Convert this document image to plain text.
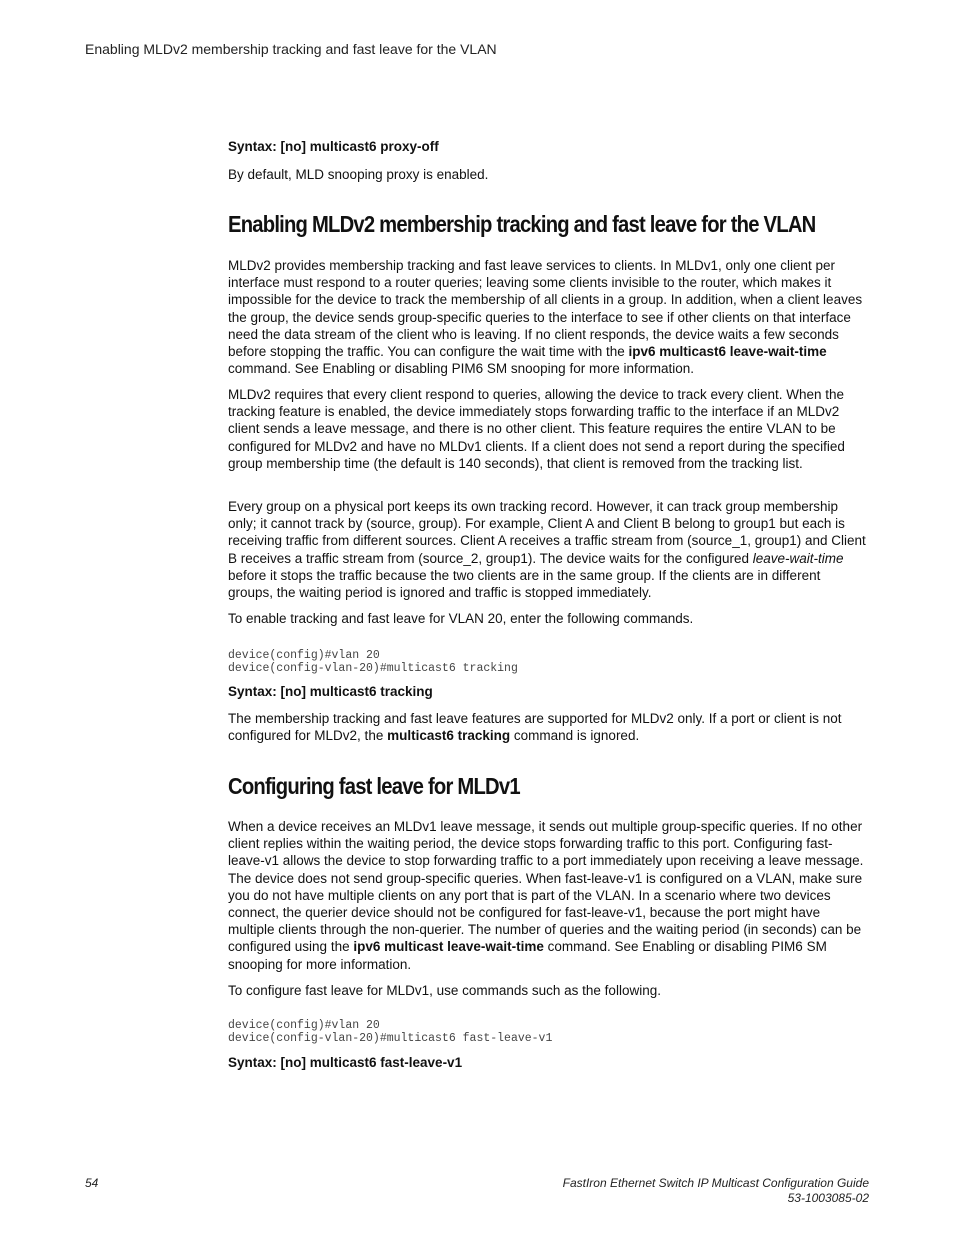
Enabling MLDv2 membership tracking and fast leave for the VLAN
Syntax: [no] multicast6 proxy-off

By default, MLD snooping proxy is enabled.

Enabling MLDv2 membership tracking and fast leave for the VLAN

MLDv2 provides membership tracking and fast leave services to clients. In MLDv1, only one client per interface must respond to a router queries; leaving some clients invisible to the router, which makes it impossible for the device to track the membership of all clients in a group. In addition, when a client leaves the group, the device sends group-specific queries to the interface to see if other clients on that interface need the data stream of the client who is leaving. If no client responds, the device waits a few seconds before stopping the traffic. You can configure the wait time with the ipv6 multicast6 leave-wait-time command. See Enabling or disabling PIM6 SM snooping for more information.

MLDv2 requires that every client respond to queries, allowing the device to track every client. When the tracking feature is enabled, the device immediately stops forwarding traffic to the interface if an MLDv2 client sends a leave message, and there is no other client. This feature requires the entire VLAN to be configured for MLDv2 and have no MLDv1 clients. If a client does not send a report during the specified group membership time (the default is 140 seconds), that client is removed from the tracking list.

Every group on a physical port keeps its own tracking record. However, it can track group membership only; it cannot track by (source, group). For example, Client A and Client B belong to group1 but each is receiving traffic from different sources. Client A receives a traffic stream from (source_1, group1) and Client B receives a traffic stream from (source_2, group1). The device waits for the configured leave-wait-time before it stops the traffic because the two clients are in the same group. If the clients are in different groups, the waiting period is ignored and traffic is stopped immediately.

To enable tracking and fast leave for VLAN 20, enter the following commands.

device(config)#vlan 20
device(config-vlan-20)#multicast6 tracking
Syntax: [no] multicast6 tracking

The membership tracking and fast leave features are supported for MLDv2 only. If a port or client is not configured for MLDv2, the multicast6 tracking command is ignored.

Configuring fast leave for MLDv1

When a device receives an MLDv1 leave message, it sends out multiple group-specific queries. If no other client replies within the waiting period, the device stops forwarding traffic to this port. Configuring fast-leave-v1 allows the device to stop forwarding traffic to a port immediately upon receiving a leave message. The device does not send group-specific queries. When fast-leave-v1 is configured on a VLAN, make sure you do not have multiple clients on any port that is part of the VLAN. In a scenario where two devices connect, the querier device should not be configured for fast-leave-v1, because the port might have multiple clients through the non-querier. The number of queries and the waiting period (in seconds) can be configured using the ipv6 multicast leave-wait-time command. See Enabling or disabling PIM6 SM snooping for more information.

To configure fast leave for MLDv1, use commands such as the following.

device(config)#vlan 20
device(config-vlan-20)#multicast6 fast-leave-v1
Syntax: [no] multicast6 fast-leave-v1
54	FastIron Ethernet Switch IP Multicast Configuration Guide
53-1003085-02
